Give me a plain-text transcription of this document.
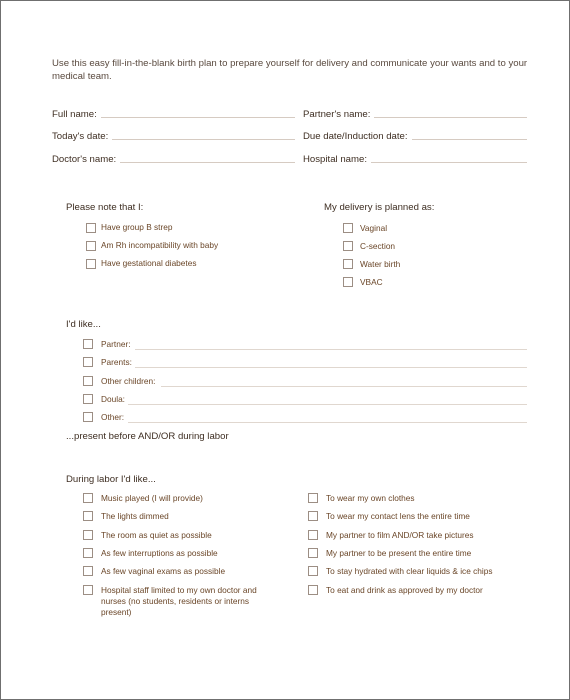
Use this easy fill-in-the-blank birth plan to prepare yourself for delivery and communicate your wants and to your medical team.
Full name:	Partner's name:
Today's date:	Due date/Induction date:
Doctor's name:	Hospital name:
Please note that I:
Have group B strep
Am Rh incompatibility with baby
Have gestational diabetes
My delivery is planned as:
Vaginal
C-section
Water birth
VBAC
I'd like...
Partner:
Parents:
Other children:
Doula:
Other:
...present before AND/OR during labor
During labor I'd like...
Music played (I will provide)
The lights dimmed
The room as quiet as possible
As few interruptions as possible
As few vaginal exams as possible
Hospital staff limited to my own doctor and nurses (no students, residents or interns present)
To wear my own clothes
To wear my contact lens the entire time
My partner to film AND/OR take pictures
My partner to be present the entire time
To stay hydrated with clear liquids & ice chips
To eat and drink as approved by my doctor
